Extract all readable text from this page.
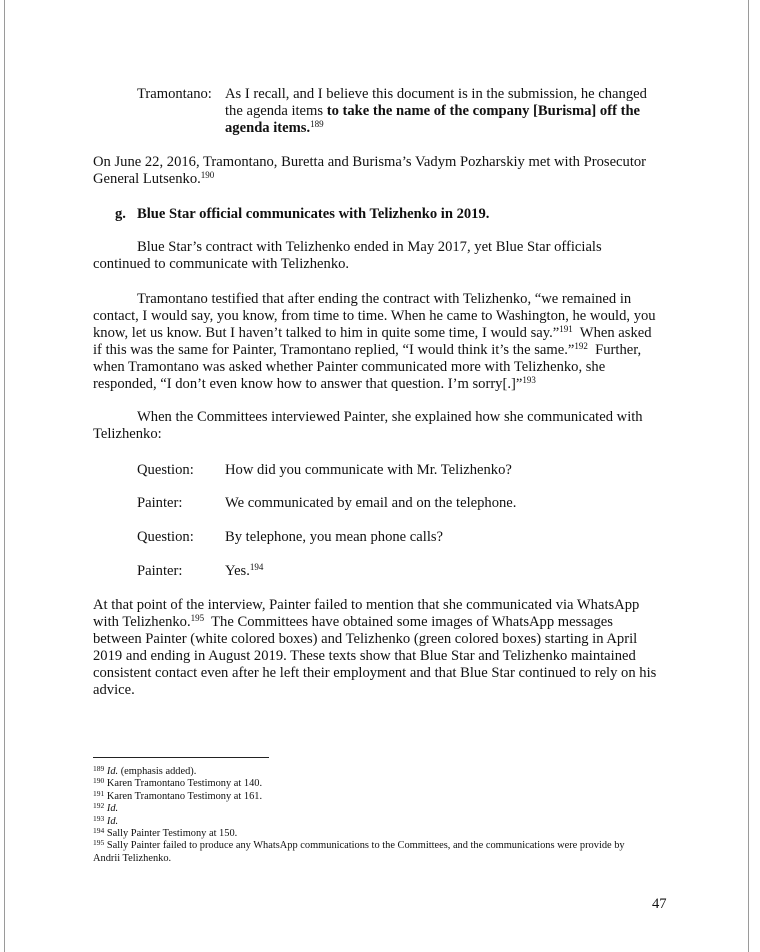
Tramontano: As I recall, and I believe this document is in the submission, he changed
the agenda items to take the name of the company [Burisma] off the
agenda items.$^{189}$
On June 22, 2016, Tramontano, Buretta and Burisma’s Vadym Pozharskiy met with Prosecutor
General Lutsenko.$^{190}$
g. Blue Star official communicates with Telizhenko in 2019.
Blue Star’s contract with Telizhenko ended in May 2017, yet Blue Star officials
continued to communicate with Telizhenko.
Tramontano testified that after ending the contract with Telizhenko, “we remained in
contact, I would say, you know, from time to time. When he came to Washington, he would, you
know, let us know. But I haven’t talked to him in quite some time, I would say.”$^{191}$  When asked
if this was the same for Painter, Tramontano replied, “I would think it’s the same.”$^{192}$  Further,
when Tramontano was asked whether Painter communicated more with Telizhenko, she
responded, “I don’t even know how to answer that question. I’m sorry[.]”$^{193}$
When the Committees interviewed Painter, she explained how she communicated with
Telizhenko:
Question: How did you communicate with Mr. Telizhenko?
Painter:	We communicated by email and on the telephone.
Question: By telephone, you mean phone calls?
Painter:	Yes.$^{194}$
At that point of the interview, Painter failed to mention that she communicated via WhatsApp
with Telizhenko.$^{195}$  The Committees have obtained some images of WhatsApp messages
between Painter (white colored boxes) and Telizhenko (green colored boxes) starting in April
2019 and ending in August 2019. These texts show that Blue Star and Telizhenko maintained
consistent contact even after he left their employment and that Blue Star continued to rely on his
advice.
$^{189}$ Id. (emphasis added).
$^{190}$ Karen Tramontano Testimony at 140.
$^{191}$ Karen Tramontano Testimony at 161.
$^{192}$ Id.
$^{193}$ Id.
$^{194}$ Sally Painter Testimony at 150.
$^{195}$ Sally Painter failed to produce any WhatsApp communications to the Committees, and the communications were provide by
Andrii Telizhenko.
47
